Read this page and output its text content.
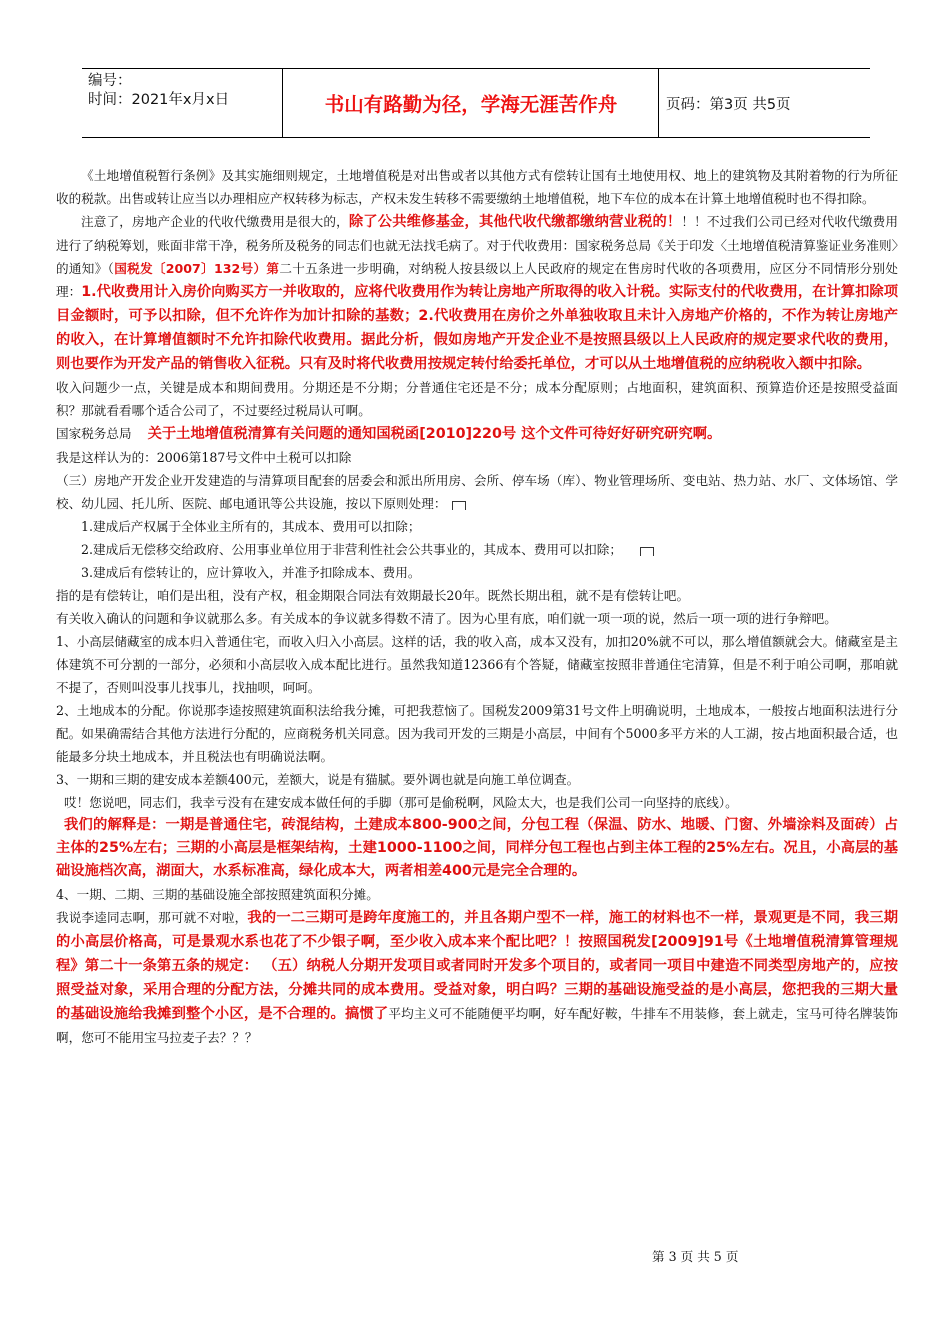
编号：
时间：2021年x月x日	书山有路勤为径，学海无涯苦作舟	页码：第3页 共5页

《土地增值税暂行条例》及其实施细则规定，土地增值税是对出售或者以其他方式有偿转让国有土地使用权、地上的建筑物及其附着物的行为所征收的税款。出售或转让应当以办理相应产权转移为标志，产权未发生转移不需要缴纳土地增值税，地下车位的成本在计算土地增值税时也不得扣除。

注意了，房地产企业的代收代缴费用是很大的，除了公共维修基金，其他代收代缴都缴纳营业税的！！！不过我们公司已经对代收代缴费用进行了纳税筹划，账面非常干净，税务所及税务的同志们也就无法找毛病了。对于代收费用：国家税务总局《关于印发〈土地增值税清算鉴证业务准则〉的通知》（国税发〔2007〕132号）第二十五条进一步明确，对纳税人按县级以上人民政府的规定在售房时代收的各项费用，应区分不同情形分别处理：1.代收费用计入房价向购买方一并收取的，应将代收费用作为转让房地产所取得的收入计税。实际支付的代收费用，在计算扣除项目金额时，可予以扣除，但不允许作为加计扣除的基数；2.代收费用在房价之外单独收取且未计入房地产价格的，不作为转让房地产的收入，在计算增值额时不允许扣除代收费用。据此分析，假如房地产开发企业不是按照县级以上人民政府的规定要求代收的费用，则也要作为开发产品的销售收入征税。只有及时将代收费用按规定转付给委托单位，才可以从土地增值税的应纳税收入额中扣除。

收入问题少一点，关键是成本和期间费用。分期还是不分期；分普通住宅还是不分；成本分配原则；占地面积，建筑面积、预算造价还是按照受益面积？那就看看哪个适合公司了，不过要经过税局认可啊。

国家税务总局 关于土地增值税清算有关问题的通知国税函[2010]220号 这个文件可待好好研究研究啊。

我是这样认为的：2006第187号文件中土税可以扣除

（三）房地产开发企业开发建造的与清算项目配套的居委会和派出所用房、会所、停车场（库）、物业管理场所、变电站、热力站、水厂、文体场馆、学校、幼儿园、托儿所、医院、邮电通讯等公共设施，按以下原则处理：

1.建成后产权属于全体业主所有的，其成本、费用可以扣除；

2.建成后无偿移交给政府、公用事业单位用于非营利性社会公共事业的，其成本、费用可以扣除；

3.建成后有偿转让的，应计算收入，并准予扣除成本、费用。

指的是有偿转让，咱们是出租，没有产权，租金期限合同法有效期最长20年。既然长期出租，就不是有偿转让吧。

有关收入确认的问题和争议就那么多。有关成本的争议就多得数不清了。因为心里有底，咱们就一项一项的说，然后一项一项的进行争辩吧。

1、小高层储藏室的成本归入普通住宅，而收入归入小高层。这样的话，我的收入高，成本又没有，加扣20%就不可以，那么增值额就会大。储藏室是主体建筑不可分割的一部分，必须和小高层收入成本配比进行。虽然我知道12366有个答疑，储藏室按照非普通住宅清算，但是不利于咱公司啊，那咱就不提了，否则叫没事儿找事儿，找抽呗，呵呵。

2、土地成本的分配。你说那李逵按照建筑面积法给我分摊，可把我惹恼了。国税发2009第31号文件上明确说明，土地成本，一般按占地面积法进行分配。如果确需结合其他方法进行分配的，应商税务机关同意。因为我司开发的三期是小高层，中间有个5000多平方米的人工湖，按占地面积最合适，也能最多分块土地成本，并且税法也有明确说法啊。

3、一期和三期的建安成本差额400元，差额大，说是有猫腻。要外调也就是向施工单位调查。

哎！您说吧，同志们，我幸亏没有在建安成本做任何的手脚（那可是偷税啊，风险太大，也是我们公司一向坚持的底线）。

我们的解释是：一期是普通住宅，砖混结构，土建成本800-900之间，分包工程（保温、防水、地暖、门窗、外墙涂料及面砖）占主体的25%左右；三期的小高层是框架结构，土建1000-1100之间，同样分包工程也占到主体工程的25%左右。况且，小高层的基础设施档次高，湖面大，水系标准高，绿化成本大，两者相差400元是完全合理的。

4、一期、二期、三期的基础设施全部按照建筑面积分摊。

我说李逵同志啊，那可就不对啦，我的一二三期可是跨年度施工的，并且各期户型不一样，施工的材料也不一样，景观更是不同，我三期的小高层价格高，可是景观水系也花了不少银子啊，至少收入成本来个配比吧？！按照国税发[2009]91号《土地增值税清算管理规程》第二十一条第五条的规定： （五）纳税人分期开发项目或者同时开发多个项目的，或者同一项目中建造不同类型房地产的，应按照受益对象，采用合理的分配方法，分摊共同的成本费用。受益对象，明白吗？三期的基础设施受益的是小高层，您把我的三期大量的基础设施给我摊到整个小区，是不合理的。搞惯了平均主义可不能随便平均啊，好车配好鞍，牛排车不用装修，套上就走，宝马可待名牌装饰啊，您可不能用宝马拉麦子去？？？

第 3 页 共 5 页
